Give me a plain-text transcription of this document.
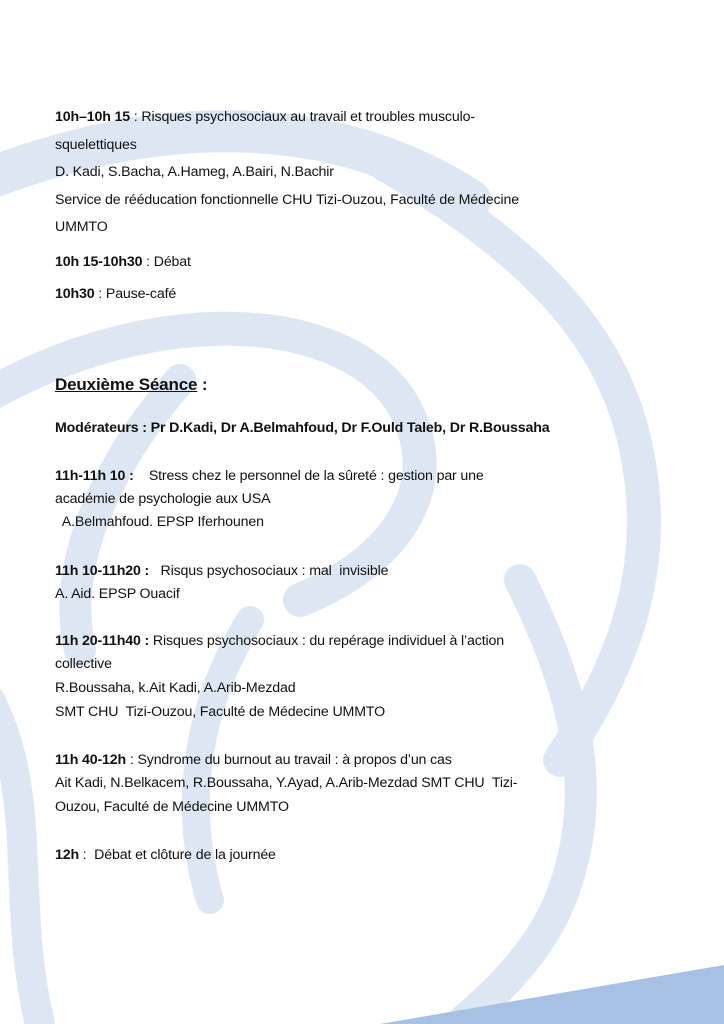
10h–10h 15 : Risques psychosociaux au travail et troubles musculo-
squelettiques
D. Kadi, S.Bacha, A.Hameg, A.Bairi, N.Bachir
Service de rééducation fonctionnelle CHU Tizi-Ouzou, Faculté de Médecine
UMMTO
10h 15-10h30 : Débat
10h30 : Pause-café
Deuxième Séance :
Modérateurs : Pr D.Kadi, Dr A.Belmahfoud, Dr F.Ould Taleb, Dr R.Boussaha
11h-11h 10 :    Stress chez le personnel de la sûreté : gestion par une
académie de psychologie aux USA
A.Belmahfoud. EPSP Iferhounen
11h 10-11h20 :   Risqus psychosociaux : mal  invisible
A. Aid. EPSP Ouacif
11h 20-11h40 : Risques psychosociaux : du repérage individuel à l’action
collective
R.Boussaha, k.Ait Kadi, A.Arib-Mezdad
SMT CHU  Tizi-Ouzou, Faculté de Médecine UMMTO
11h 40-12h : Syndrome du burnout au travail : à propos d’un cas
Ait Kadi, N.Belkacem, R.Boussaha, Y.Ayad, A.Arib-Mezdad SMT CHU  Tizi-
Ouzou, Faculté de Médecine UMMTO
12h :  Débat et clôture de la journée
